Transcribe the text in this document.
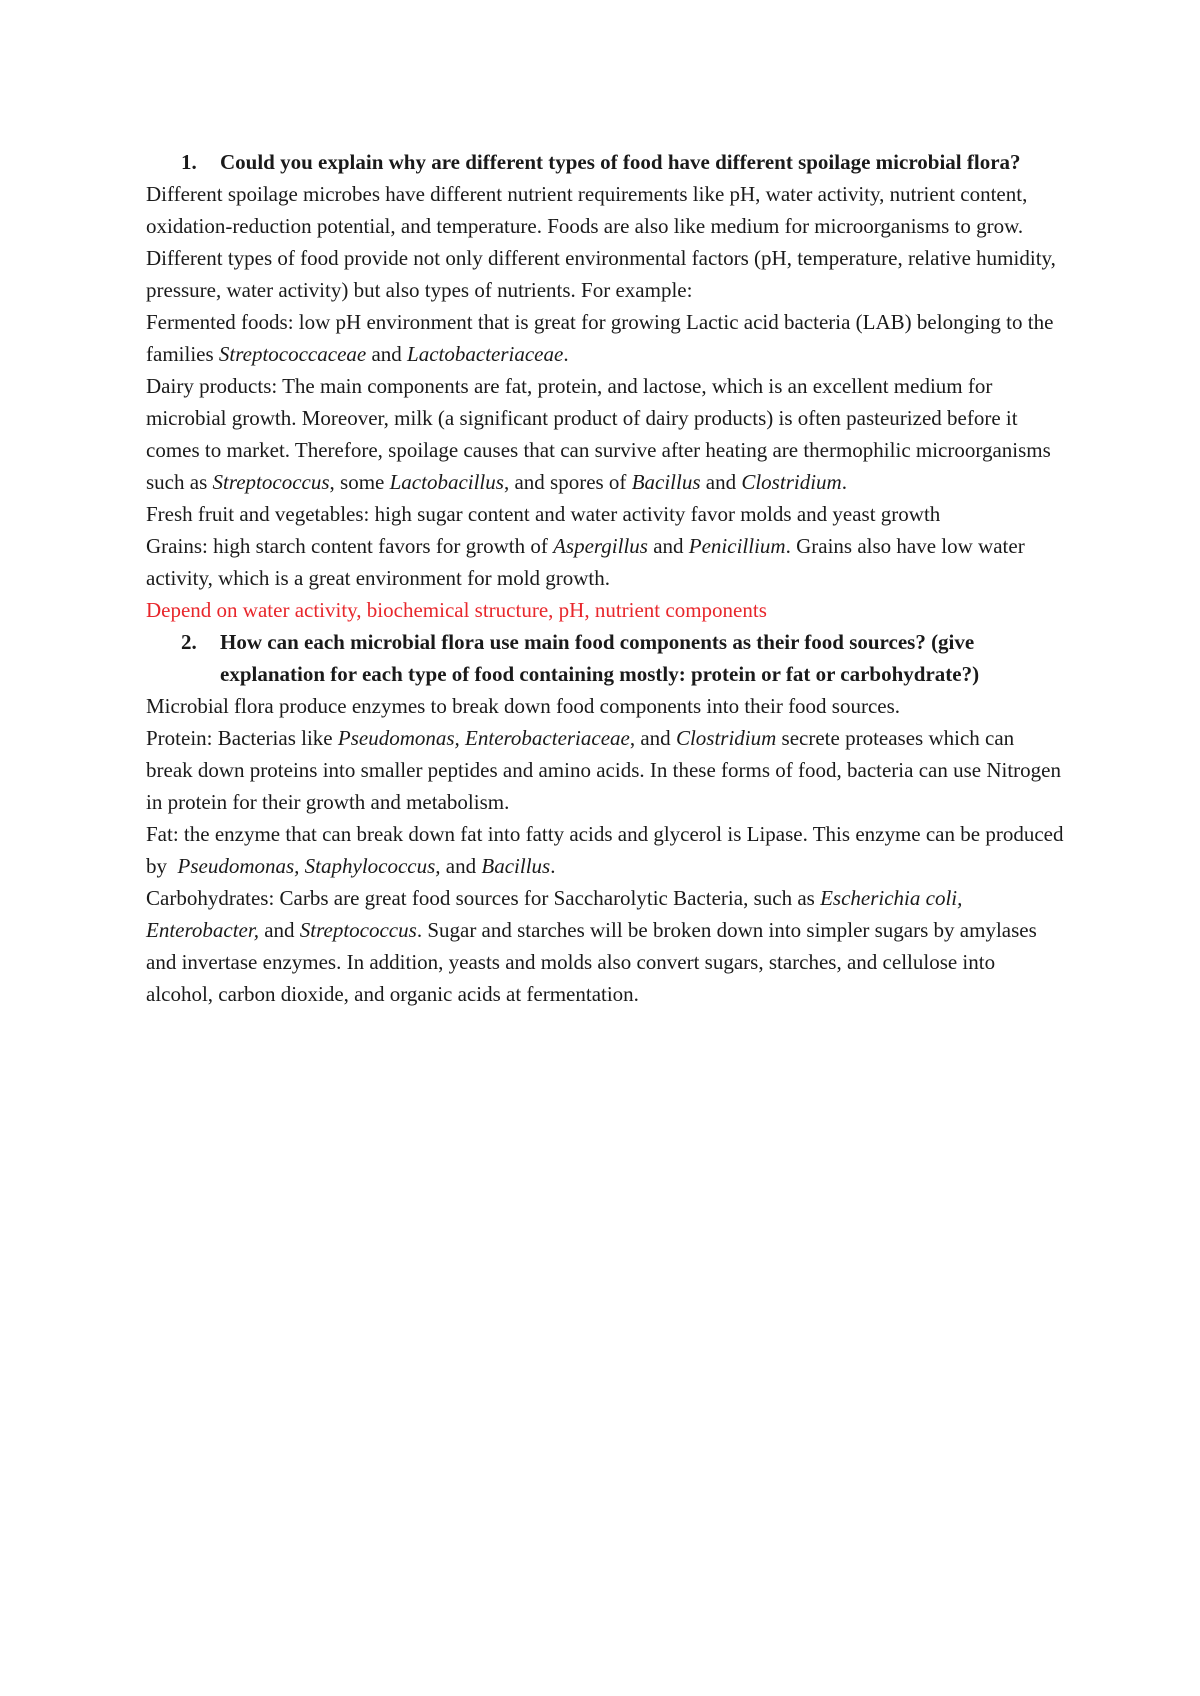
1. Could you explain why are different types of food have different spoilage microbial flora?

Different spoilage microbes have different nutrient requirements like pH, water activity, nutrient content, oxidation-reduction potential, and temperature. Foods are also like medium for microorganisms to grow. Different types of food provide not only different environmental factors (pH, temperature, relative humidity, pressure, water activity) but also types of nutrients. For example:

Fermented foods: low pH environment that is great for growing Lactic acid bacteria (LAB) belonging to the families Streptococcaceae and Lactobacteriaceae.

Dairy products: The main components are fat, protein, and lactose, which is an excellent medium for microbial growth. Moreover, milk (a significant product of dairy products) is often pasteurized before it comes to market. Therefore, spoilage causes that can survive after heating are thermophilic microorganisms such as Streptococcus, some Lactobacillus, and spores of Bacillus and Clostridium.

Fresh fruit and vegetables: high sugar content and water activity favor molds and yeast growth

Grains: high starch content favors for growth of Aspergillus and Penicillium. Grains also have low water activity, which is a great environment for mold growth.

Depend on water activity, biochemical structure, pH, nutrient components

2. How can each microbial flora use main food components as their food sources? (give explanation for each type of food containing mostly: protein or fat or carbohydrate?)

Microbial flora produce enzymes to break down food components into their food sources.

Protein: Bacterias like Pseudomonas, Enterobacteriaceae, and Clostridium secrete proteases which can break down proteins into smaller peptides and amino acids. In these forms of food, bacteria can use Nitrogen in protein for their growth and metabolism.

Fat: the enzyme that can break down fat into fatty acids and glycerol is Lipase. This enzyme can be produced by  Pseudomonas, Staphylococcus, and Bacillus.

Carbohydrates: Carbs are great food sources for Saccharolytic Bacteria, such as Escherichia coli, Enterobacter, and Streptococcus. Sugar and starches will be broken down into simpler sugars by amylases and invertase enzymes. In addition, yeasts and molds also convert sugars, starches, and cellulose into alcohol, carbon dioxide, and organic acids at fermentation.
